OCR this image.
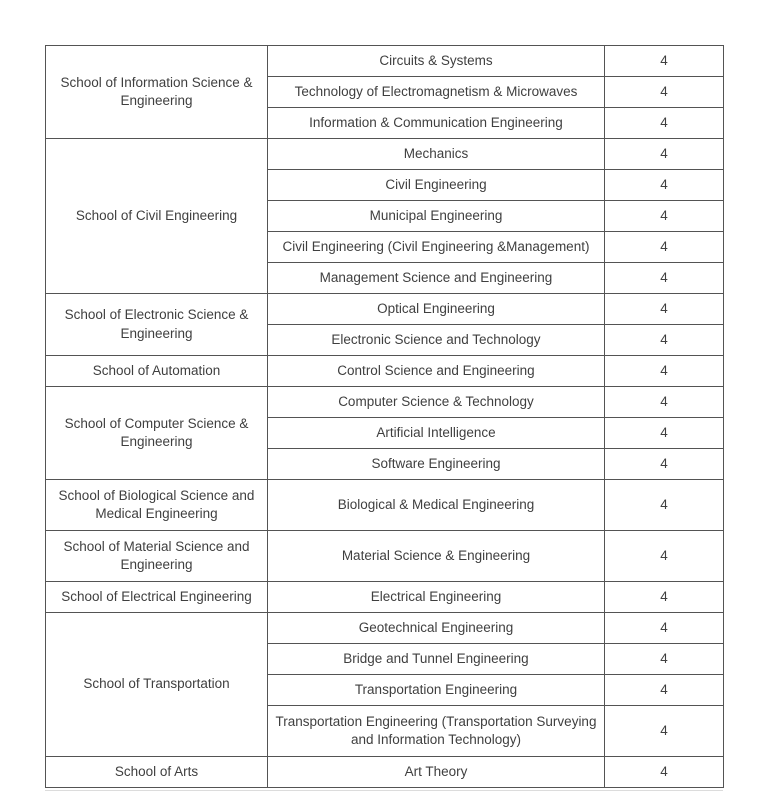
School of Information Science & Engineering	Circuits & Systems	4
	Technology of Electromagnetism & Microwaves	4
	Information & Communication Engineering	4
School of Civil Engineering	Mechanics	4
	Civil Engineering	4
	Municipal Engineering	4
	Civil Engineering (Civil Engineering &Management)	4
	Management Science and Engineering	4
School of Electronic Science & Engineering	Optical Engineering	4
	Electronic Science and Technology	4
School of Automation	Control Science and Engineering	4
School of Computer Science & Engineering	Computer Science & Technology	4
	Artificial Intelligence	4
	Software Engineering	4
School of Biological Science and Medical Engineering	Biological & Medical Engineering	4
School of Material Science and Engineering	Material Science & Engineering	4
School of Electrical Engineering	Electrical Engineering	4
School of Transportation	Geotechnical Engineering	4
	Bridge and Tunnel Engineering	4
	Transportation Engineering	4
	Transportation Engineering (Transportation Surveying and Information Technology)	4
School of Arts	Art Theory	4
